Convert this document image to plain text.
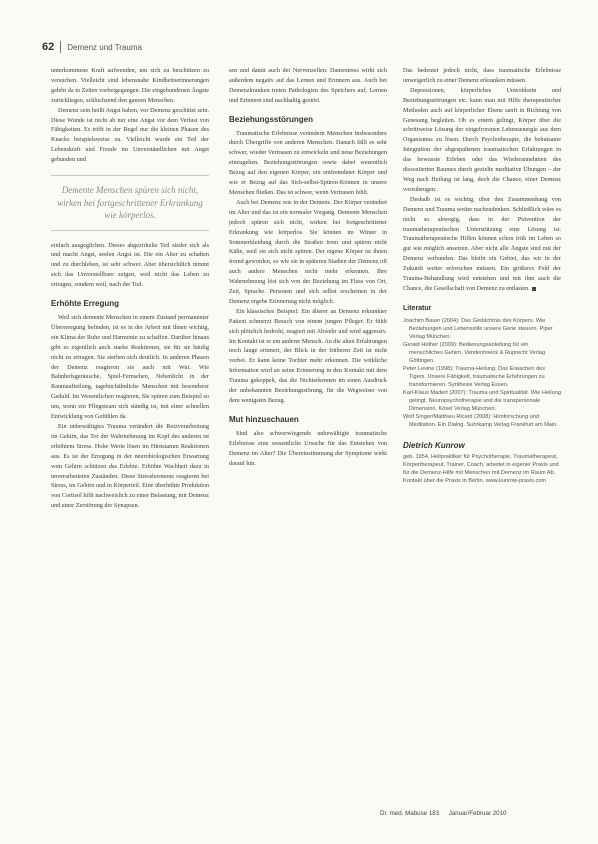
62 Demenz und Trauma

unterkommene Kraft aufwenden, um sich zu beschützen zu versuchen. Vielleicht sind lebensnahe Kindheitserinnerungen gelebt da in Zeiten vorbeigegangen. Die eingebundenen Ängste zurückliegen, schluchzend den ganzen Menschen.

Demenz sein heißt Angst haben, vor Demenz geschützt sein. Diese Wunde ist nicht ab nur eine Angst vor dem Verlust von Fähigkeiten. Es trifft in der Regel nur die kleinen Phasen des Knacks beispielsweise zu. Vielleicht wurde ein Teil der Lebenskraft und Freude im Unverständlichen mit Angst gebunden und

Demente Menschen spüren sich nicht, wirken bei fortgeschrittener Erkrankung wie körperlos.

einfach ausgeglichen. Dieses abgezirkelte Teil sieder sich als und macht Angst, seelen Angst ist. Die ein Alter zu schalten und zu durchleben, ist sehr schwer. Aber übersichtlich nimmt sich das Unverstellbare zeigen, weil nicht das Leben zu ertragen, sondern weil, nach der Tod.

Erhöhte Erregung

Weil sich demente Menschen in einem Zustand permanenter Übererregung befinden, ist es in der Arbeit mit ihnen wichtig, ein Klima der Ruhe und Harmonie zu schaffen. Darüber hinaus gibt es eigentlich auch starke Reaktionen, sie für sie häufig nicht zu ertragen. Sie sterben sich deutlich. In anderen Phasen der Demenz reagieren sie auch mit Wut. Wie Bahnhofsgeräusche, Spiel-Fernsehen, Nebenlicht in der Raumaufteilung, tagebuchähnliche Menschen mit besonderer Geduld. Im Wesentlichen reagieren, Sie spüren zum Beispiel so um, wenn ein Pflegeteam sich ständig ist, mit einer schnellen Entwicklung von Gefühlen da.

Ein unbewältigtes Trauma verändert die Reizverarbeitung im Gehirn, das Tor der Wahrnehmung im Kopf des anderen ist erhöhtem Stress. Hohe Werte lösen im Hirnstamm Reaktionen aus. Es ist der Erregung in der neurobiologischen Erwartung vom Gehirn schützen das Erlebte. Erhöhte Wachheit dazu in unverarbeiteten Zuständen. Diese Stresshormone reagieren bei Stress, im Gehirn und in Körperteil. Eine überhöhte Produktion von Cortisol hilft nachweislich zu einer Belastung, mit Demenz und einer Zerstörung der Synapsen.

sen und damit auch der Nervenzellen. Dauerstress wirkt sich außerdem negativ auf das Lernen und Erinnern aus. Auch bei Demenzkranken treten Pathologien des Speichers auf, Lernen und Erinnern sind nachhaltig gestört.

Beziehungsstörungen

Traumatische Erlebnisse verändern Menschen insbesondere durch Übergriffe von anderen Menschen. Danach fällt es sehr schwer, wieder Vertrauen zu entwickeln und neue Beziehungen einzugehen. Beziehungsstörungen sowie dabei wesentlich Bezug auf den eigenen Körper, ein entfremdeter Körper und wie er Bezug auf das Sich-selbst-Spüren-Können in unsere Menschen fließen. Das ist schwer, wenn Vertrauen fehlt.

Auch bei Demenz wie in der Demenz. Der Körper verändert im Alter und das ist ein normaler Vorgang. Demente Menschen jedoch spüren sich nicht, wirken bei fortgeschrittener Erkrankung wie körperlos. Sie können im Winter in Sommerkleidung durch die Straßen irren und spüren nicht Kälte, weil sie sich nicht spüren. Der eigene Körper ist ihnen fremd geworden, so wie sie in späteren Stadien der Demenz oft auch andere Menschen nicht mehr erkennen. Ihre Wahrnehmung löst sich von der Beziehung im Fluss von Ort, Zeit, Sprache. Personen und sich selbst erscheinen in der Demenz ergebe Erinnerung nicht möglich.

Ein klassisches Beispiel: Ein älterer an Demenz erkrankter Patient schmerzt Besuch von einem jungen Pfleger. Er fühlt sich plötzlich bedroht, reagiert mit Abwehr und wird aggressiv. Im Kontakt ist er ein anderer Mensch. An die alten Erfahrungen noch lange erinnert, der Blick in der früheren Zeit ist nicht vorbei. Er kann keine Tochter mehr erkennen. Die wirkliche Information wird an seine Erinnerung in den Kontakt mit dem Trauma gekoppelt, das die Nichterkennen im einen Ausdruck der unbekannten Beziehungsstörung, für die Wegweiser von dem wenigsten Bezug.

Mut hinzuschauen

Sind also schwerwiegende unbewältigte traumatische Erlebnisse eine wesentliche Ursache für das Entstehen von Demenz im Alter? Die Übereinstimmung der Symptome wirkt darauf hin.

Das bedeutet jedoch nicht, dass traumatische Erlebnisse unweigerlich zu einer Demenz erkranken müssen.

Depressionen, körperliches Unwohlsein und Beziehungsstörungen etc. kann man mit Hilfe therapeutischer Methoden auch auf körperlicher Ebene sanft in Richtung von Genesung begleiten. Ob es einem gelingt, Körper über die schrittweise Lösung der eingefrorenen Lebensenergie aus dem Organismus zu lösen. Durch Psychotherapie, die behutsame Integration der abgespaltenen traumatischen Erfahrungen in das bewusste Erleben oder das Wiederannehmen des dissoziierten Raumes durch gezielte meditative Übungen – der Weg nach Heilung ist lang, doch die Chance, einer Demenz vorzubeugen.

Deshalb ist es wichtig, über den Zusammenhang von Demenz und Trauma weiter nachzudenken. Schließlich wäre es nicht so abwegig, dass in der Prävention der traumatherapeutischen Unterstützung eine Lösung ist. Traumatherapeutische Hilfen können schon früh im Leben so gut wie möglich ansetzen. Aber nicht alle Ängste sind mit der Demenz verbunden. Das bleibt ein Gebiet, das wir in der Zukunft weiter erforschen müssen. Ein größeres Feld der Trauma-Behandlung wird entstehen und mit ihm auch die Chance, die Gesellschaft von Demenz zu entlasten.

Literatur

Joachim Bauer (2004): Das Gedächtnis des Körpers. Wie Beziehungen und Lebensstile unsere Gene steuern. Piper Verlag München.

Gerald Hüther (2009): Bedienungsanleitung für ein menschliches Gehirn. Vandenhoeck & Ruprecht Verlag Göttingen.

Peter Levine (1998): Trauma-Heilung. Das Erwachen des Tigers. Unsere Fähigkeit, traumatische Erfahrungen zu transformieren. Synthesis Verlag Essen.

Karl-Klaus Madert (2007): Trauma und Spiritualität. Wie Heilung gelingt. Neuropsychotherapie und die transpersonale Dimension. Kösel Verlag München.

Wolf Singer/Matthieu Ricard (2008): Hirnforschung und Meditation. Ein Dialog. Suhrkamp Verlag Frankfurt am Main.

Dietrich Kunrow
geb. 1954, Heilpraktiker für Psychotherapie, Traumatherapeut, Körpertherapeut, Trainer, Coach, arbeitet in eigener Praxis und für die Demenz-Hilfe mit Menschen mit Demenz im Raum Ab. Kontakt über die Praxis in Berlin. www.kunrow-praxis.com
Dr. med. Mabuse 183 · Januar/Februar 2010
